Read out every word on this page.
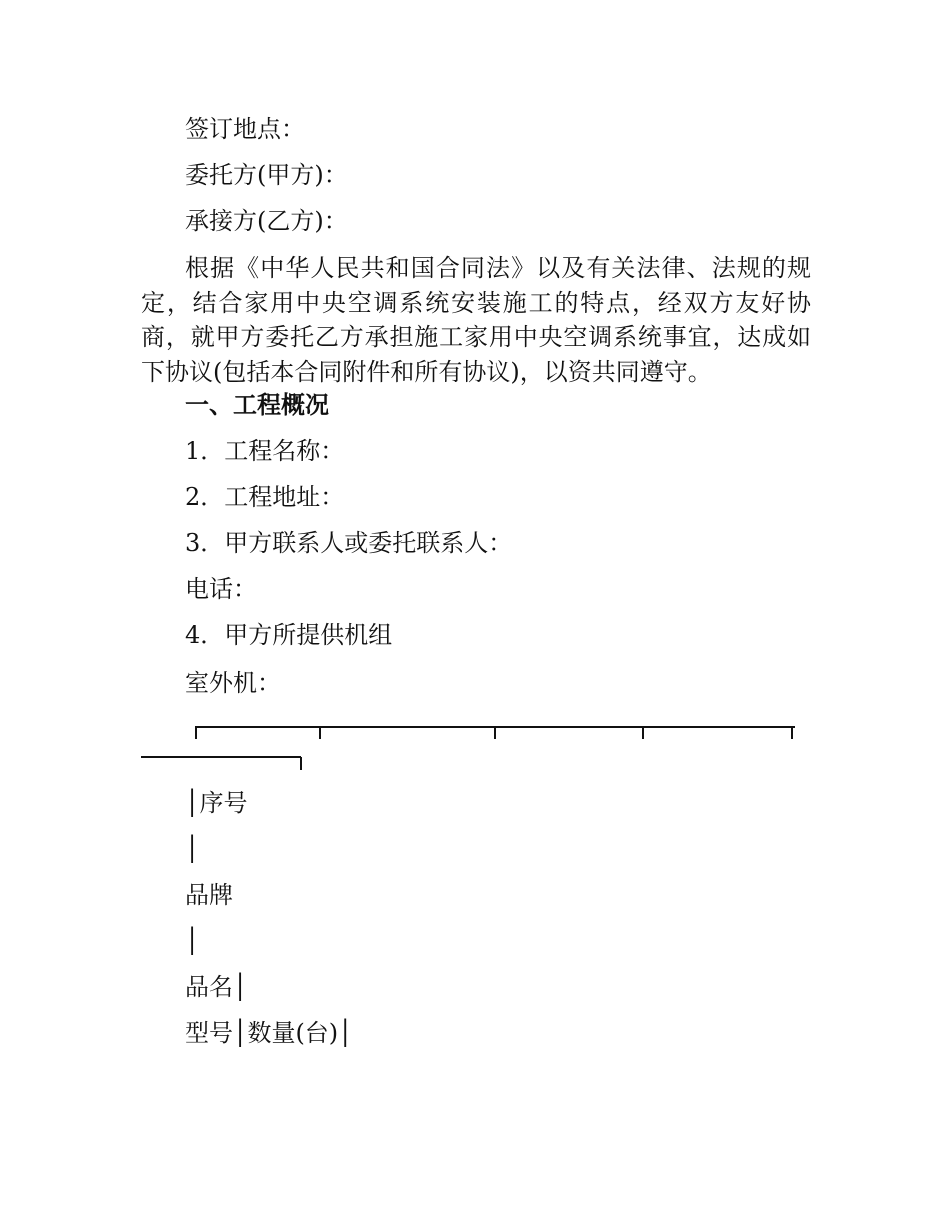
签订地点：
委托方(甲方)：
承接方(乙方)：
根据《中华人民共和国合同法》以及有关法律、法规的规定，结合家用中央空调系统安装施工的特点，经双方友好协商，就甲方委托乙方承担施工家用中央空调系统事宜，达成如下协议(包括本合同附件和所有协议)，以资共同遵守。
一、工程概况
1．工程名称：
2．工程地址：
3．甲方联系人或委托联系人：
电话：
4．甲方所提供机组
室外机：
│序号
│
品牌
│
品名│
型号│数量(台)│
